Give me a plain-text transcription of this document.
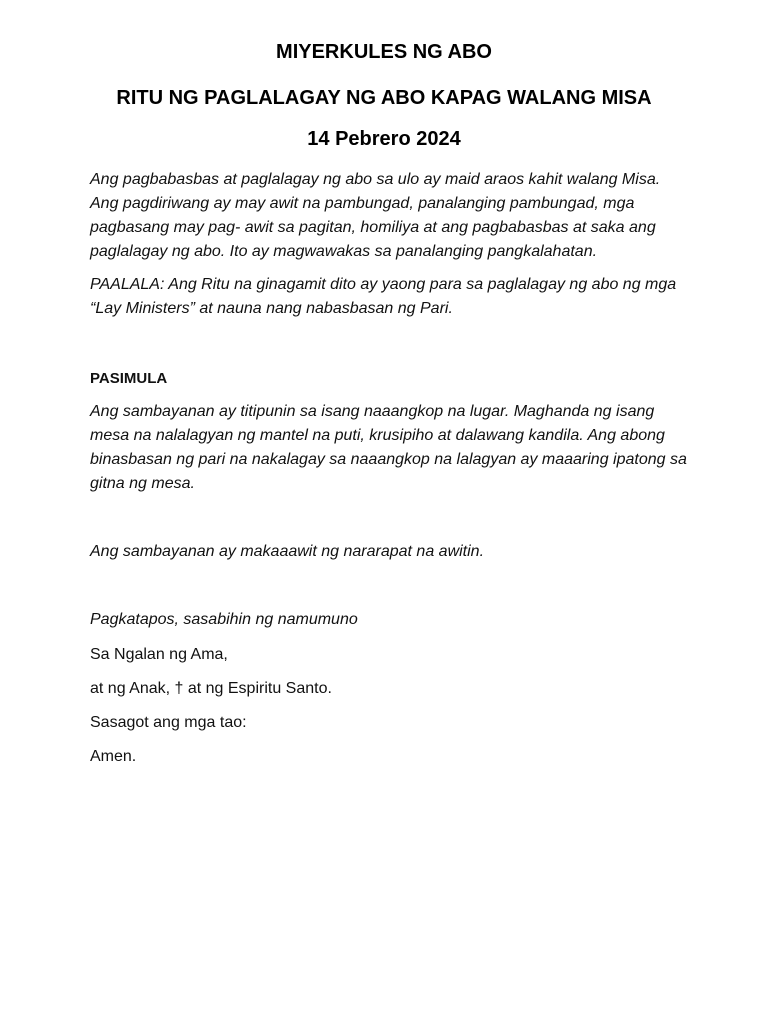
MIYERKULES NG ABO
RITU NG PAGLALAGAY NG ABO KAPAG WALANG MISA
14 Pebrero 2024
Ang pagbabasbas at paglalagay ng abo sa ulo ay maid araos kahit walang Misa. Ang pagdiriwang ay may awit na pambungad, panalanging pambungad, mga pagbasang may pag- awit sa pagitan, homiliya at ang pagbabasbas at saka ang paglalagay ng abo. Ito ay magwawakas sa panalanging pangkalahatan.
PAALALA: Ang Ritu na ginagamit dito ay yaong para sa paglalagay ng abo ng mga “Lay Ministers” at nauna nang nabasbasan ng Pari.
PASIMULA
Ang sambayanan ay titipunin sa isang naaangkop na lugar. Maghanda ng isang mesa na nalalagyan ng mantel na puti, krusipiho at dalawang kandila. Ang abong binasbasan ng pari na nakalagay sa naaangkop na lalagyan ay maaaring ipatong sa gitna ng mesa.
Ang sambayanan ay makaaawit ng nararapat na awitin.
Pagkatapos, sasabihin ng namumuno
Sa Ngalan ng Ama,
at ng Anak, † at ng Espiritu Santo.
Sasagot ang mga tao:
Amen.
